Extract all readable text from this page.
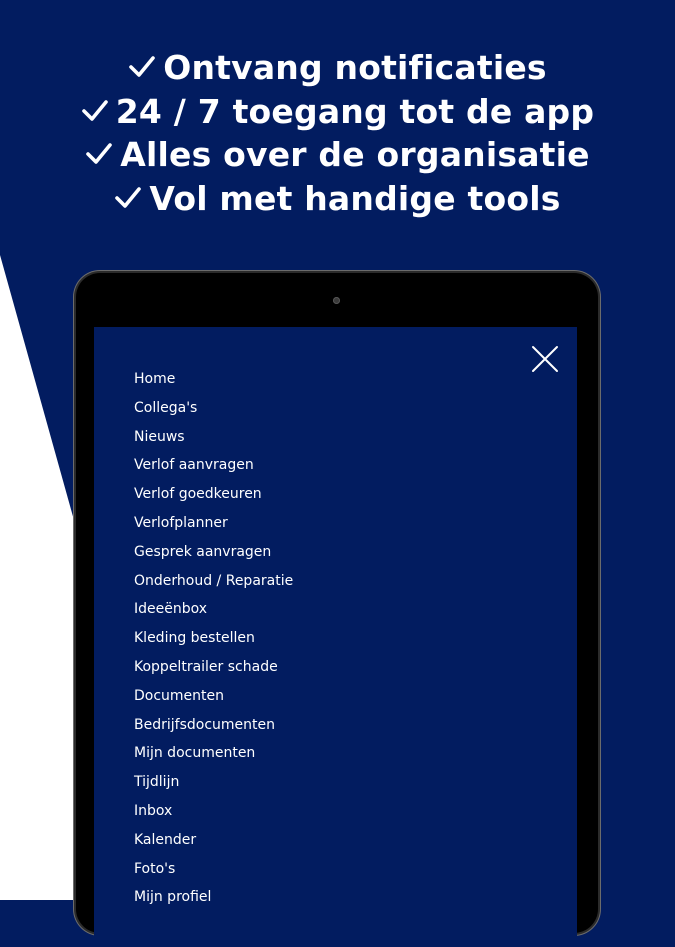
Ontvang notificaties
24 / 7 toegang tot de app
Alles over de organisatie
Vol met handige tools
Home
Collega's
Nieuws
Verlof aanvragen
Verlof goedkeuren
Verlofplanner
Gesprek aanvragen
Onderhoud / Reparatie
Ideeënbox
Kleding bestellen
Koppeltrailer schade
Documenten
Bedrijfsdocumenten
Mijn documenten
Tijdlijn
Inbox
Kalender
Foto's
Mijn profiel
